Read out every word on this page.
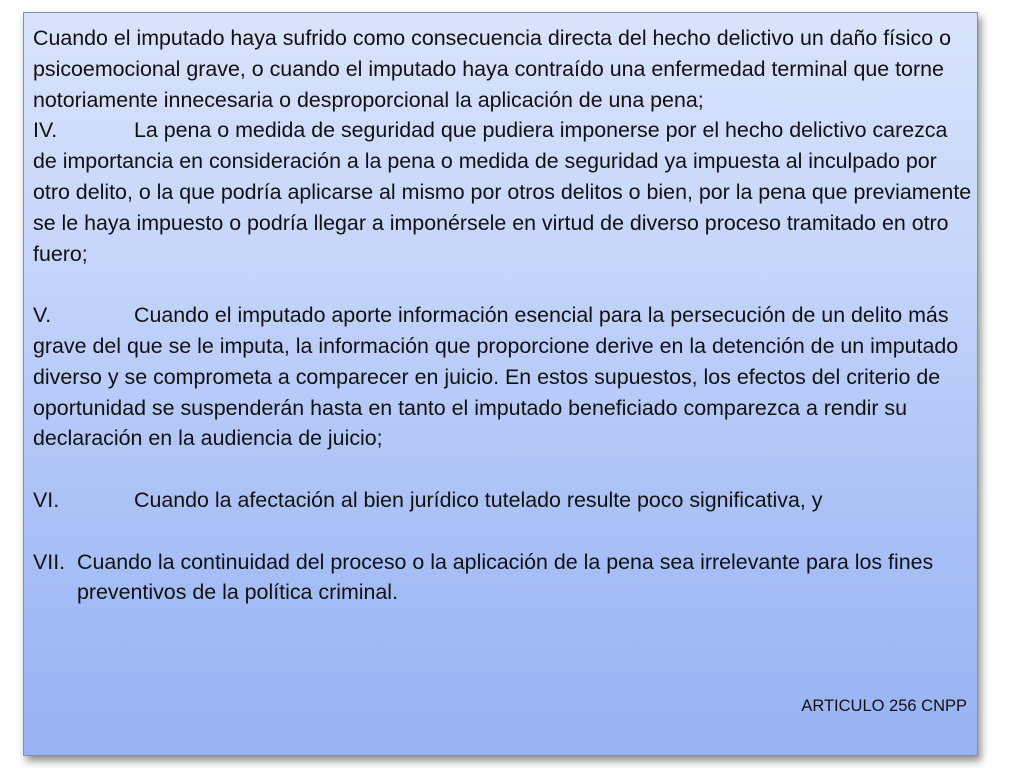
Cuando el imputado haya sufrido como consecuencia directa del hecho delictivo un daño físico o psicoemocional grave, o cuando el imputado haya contraído una enfermedad terminal que torne notoriamente innecesaria o desproporcional la aplicación de una pena;

IV.	La pena o medida de seguridad que pudiera imponerse por el hecho delictivo carezca de importancia en consideración a la pena o medida de seguridad ya impuesta al inculpado por otro delito, o la que podría aplicarse al mismo por otros delitos o bien, por la pena que previamente se le haya impuesto o podría llegar a imponérsele en virtud de diverso proceso tramitado en otro fuero;

V.	Cuando el imputado aporte información esencial para la persecución de un delito más grave del que se le imputa, la información que proporcione derive en la detención de un imputado diverso y se comprometa a comparecer en juicio. En estos supuestos, los efectos del criterio de oportunidad se suspenderán hasta en tanto el imputado beneficiado comparezca a rendir su declaración en la audiencia de juicio;

VI.	Cuando la afectación al bien jurídico tutelado resulte poco significativa, y

VII. Cuando la continuidad del proceso o la aplicación de la pena sea irrelevante para los fines preventivos de la política criminal.

ARTICULO 256 CNPP
